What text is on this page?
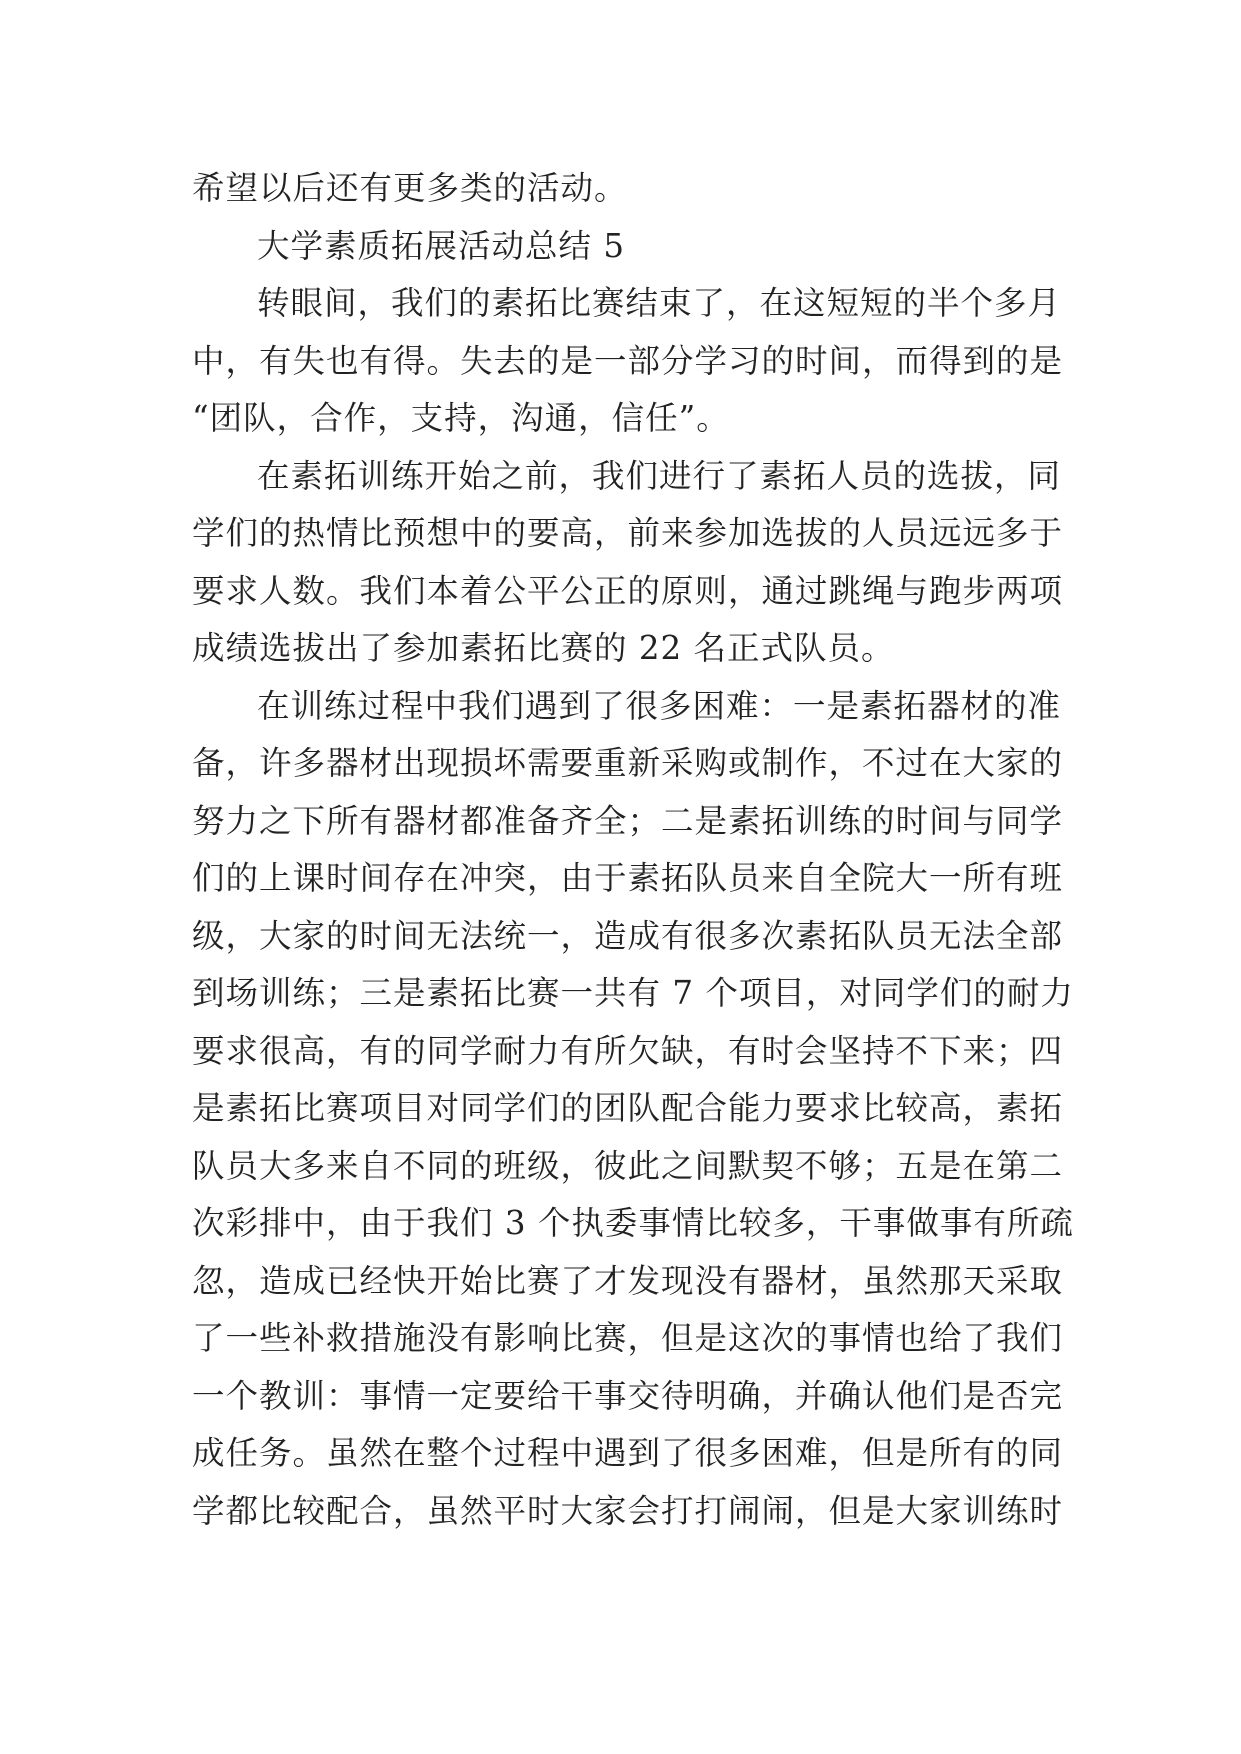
希望以后还有更多类的活动。
大学素质拓展活动总结 5
转眼间，我们的素拓比赛结束了，在这短短的半个多月
中，有失也有得。失去的是一部分学习的时间，而得到的是
“团队，合作，支持，沟通，信任”。
在素拓训练开始之前，我们进行了素拓人员的选拔，同
学们的热情比预想中的要高，前来参加选拔的人员远远多于
要求人数。我们本着公平公正的原则，通过跳绳与跑步两项
成绩选拔出了参加素拓比赛的 22 名正式队员。
在训练过程中我们遇到了很多困难：一是素拓器材的准
备，许多器材出现损坏需要重新采购或制作，不过在大家的
努力之下所有器材都准备齐全；二是素拓训练的时间与同学
们的上课时间存在冲突，由于素拓队员来自全院大一所有班
级，大家的时间无法统一，造成有很多次素拓队员无法全部
到场训练；三是素拓比赛一共有 7 个项目，对同学们的耐力
要求很高，有的同学耐力有所欠缺，有时会坚持不下来；四
是素拓比赛项目对同学们的团队配合能力要求比较高，素拓
队员大多来自不同的班级，彼此之间默契不够；五是在第二
次彩排中，由于我们 3 个执委事情比较多，干事做事有所疏
忽，造成已经快开始比赛了才发现没有器材，虽然那天采取
了一些补救措施没有影响比赛，但是这次的事情也给了我们
一个教训：事情一定要给干事交待明确，并确认他们是否完
成任务。虽然在整个过程中遇到了很多困难，但是所有的同
学都比较配合，虽然平时大家会打打闹闹，但是大家训练时
